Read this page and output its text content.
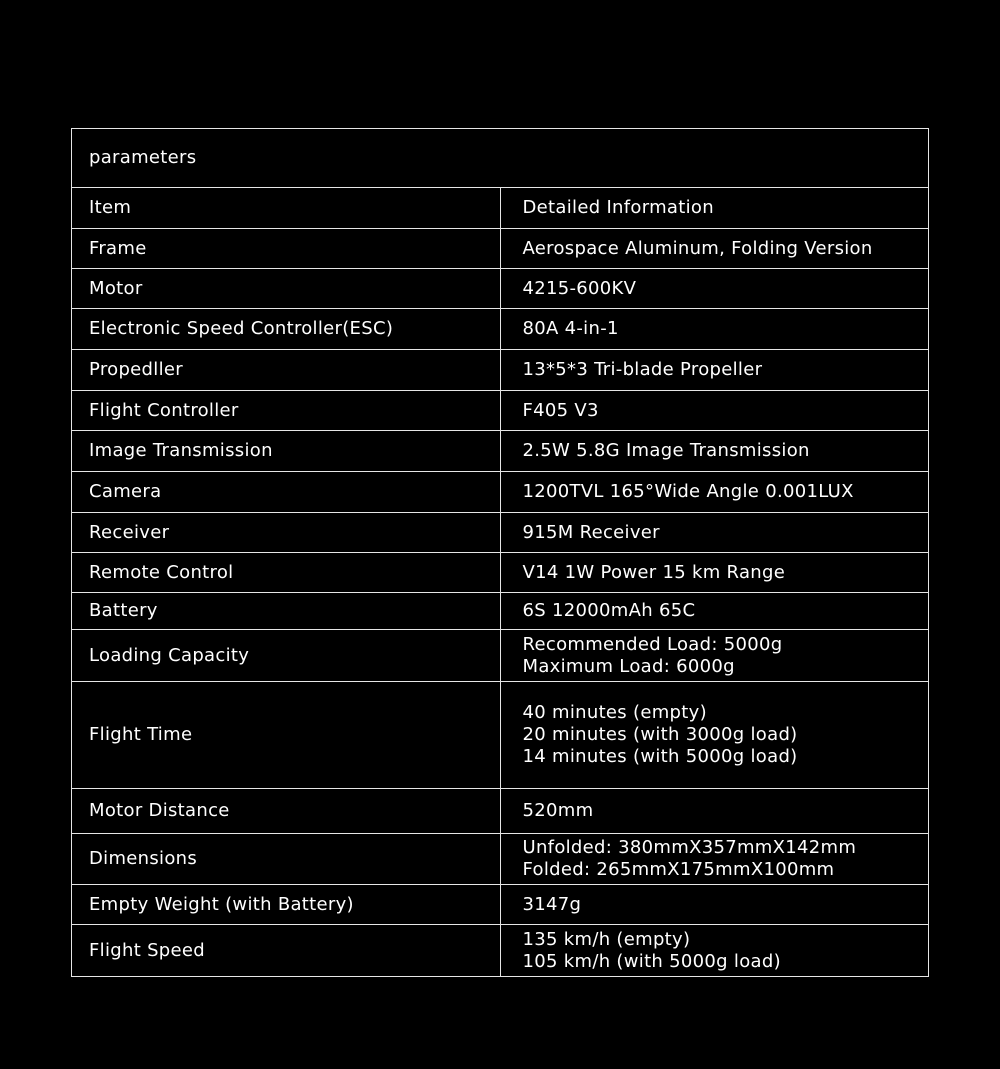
parameters	
Item	Detailed Information
Frame	Aerospace Aluminum, Folding Version

Motor	4215-600KV

Electronic Speed Controller(ESC)	80A 4-in-1

Propedller	13*5*3 Tri-blade Propeller

Flight Controller	F405 V3

Image Transmission	2.5W 5.8G Image Transmission

Camera	1200TVL 165°Wide Angle 0.001LUX

Receiver	915M Receiver

Remote Control	V14 1W Power 15 km Range

Battery	6S 12000mAh 65C

Loading Capacity	Recommended Load: 5000g
Maximum Load: 6000g

Flight Time	40 minutes (empty)
20 minutes (with 3000g load)
14 minutes (with 5000g load)

Motor Distance	520mm

Dimensions	Unfolded: 380mmX357mmX142mm
Folded: 265mmX175mmX100mm

Empty Weight (with Battery)	3147g

Flight Speed	135 km/h (empty)
105 km/h (with 5000g load)
